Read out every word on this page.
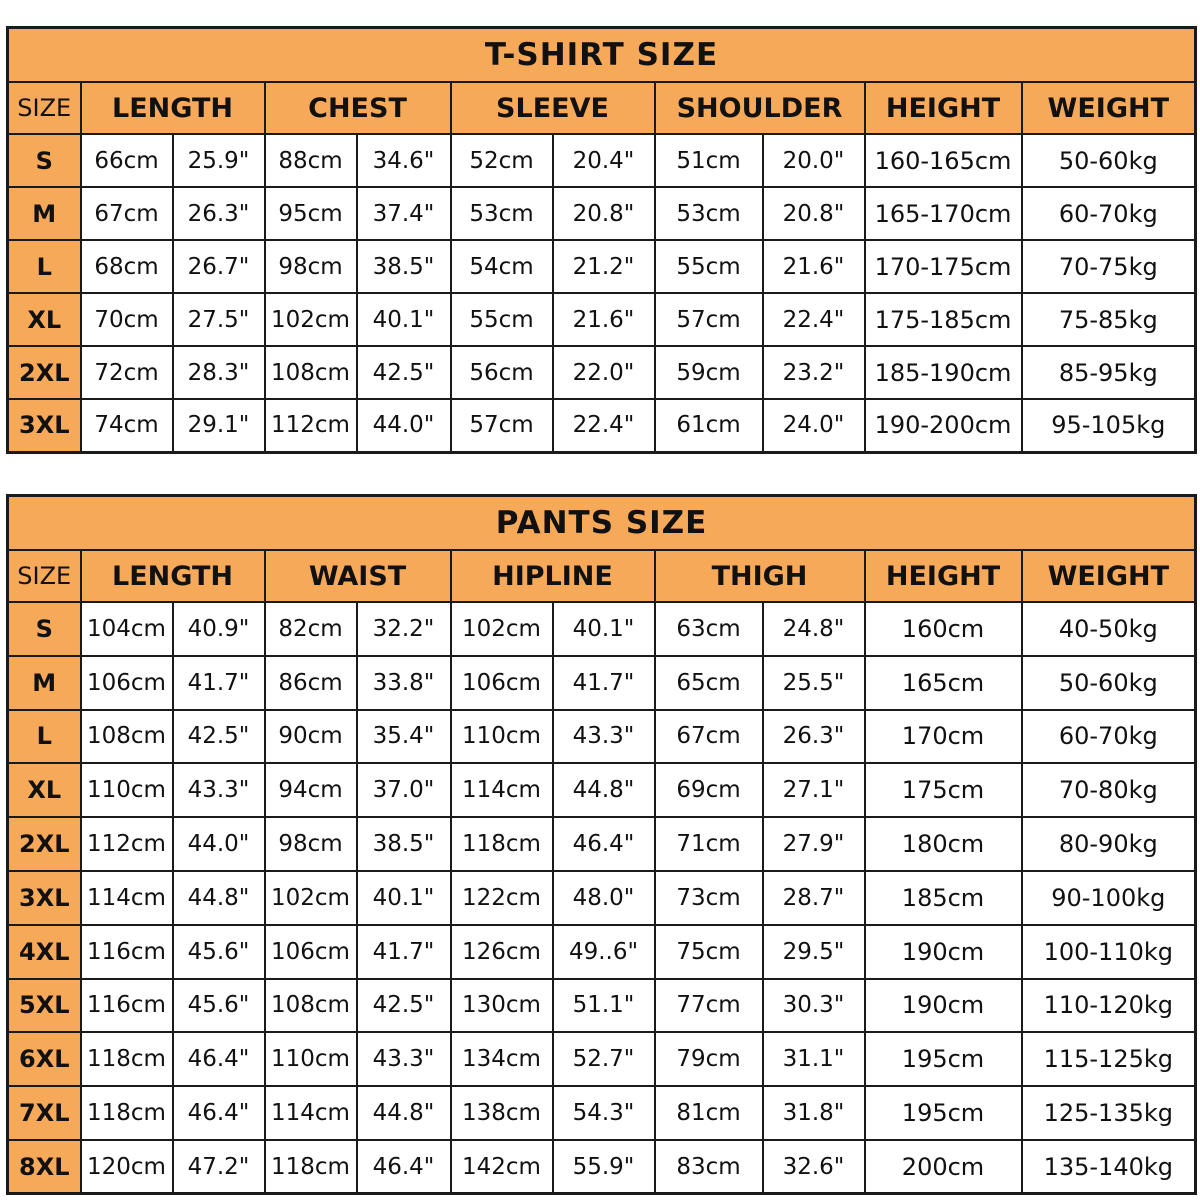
T-SHIRT SIZE										
SIZE	LENGTH		CHEST		SLEEVE		SHOULDER		HEIGHT	WEIGHT
S	66cm	25.9"	88cm	34.6"	52cm	20.4"	51cm	20.0"	160-165cm	50-60kg
M	67cm	26.3"	95cm	37.4"	53cm	20.8"	53cm	20.8"	165-170cm	60-70kg
L	68cm	26.7"	98cm	38.5"	54cm	21.2"	55cm	21.6"	170-175cm	70-75kg
XL	70cm	27.5"	102cm	40.1"	55cm	21.6"	57cm	22.4"	175-185cm	75-85kg
2XL	72cm	28.3"	108cm	42.5"	56cm	22.0"	59cm	23.2"	185-190cm	85-95kg
3XL	74cm	29.1"	112cm	44.0"	57cm	22.4"	61cm	24.0"	190-200cm	95-105kg
PANTS SIZE										
SIZE	LENGTH		WAIST		HIPLINE		THIGH		HEIGHT	WEIGHT
S	104cm	40.9"	82cm	32.2"	102cm	40.1"	63cm	24.8"	160cm	40-50kg
M	106cm	41.7"	86cm	33.8"	106cm	41.7"	65cm	25.5"	165cm	50-60kg
L	108cm	42.5"	90cm	35.4"	110cm	43.3"	67cm	26.3"	170cm	60-70kg
XL	110cm	43.3"	94cm	37.0"	114cm	44.8"	69cm	27.1"	175cm	70-80kg
2XL	112cm	44.0"	98cm	38.5"	118cm	46.4"	71cm	27.9"	180cm	80-90kg
3XL	114cm	44.8"	102cm	40.1"	122cm	48.0"	73cm	28.7"	185cm	90-100kg
4XL	116cm	45.6"	106cm	41.7"	126cm	49..6"	75cm	29.5"	190cm	100-110kg
5XL	116cm	45.6"	108cm	42.5"	130cm	51.1"	77cm	30.3"	190cm	110-120kg
6XL	118cm	46.4"	110cm	43.3"	134cm	52.7"	79cm	31.1"	195cm	115-125kg
7XL	118cm	46.4"	114cm	44.8"	138cm	54.3"	81cm	31.8"	195cm	125-135kg
8XL	120cm	47.2"	118cm	46.4"	142cm	55.9"	83cm	32.6"	200cm	135-140kg
